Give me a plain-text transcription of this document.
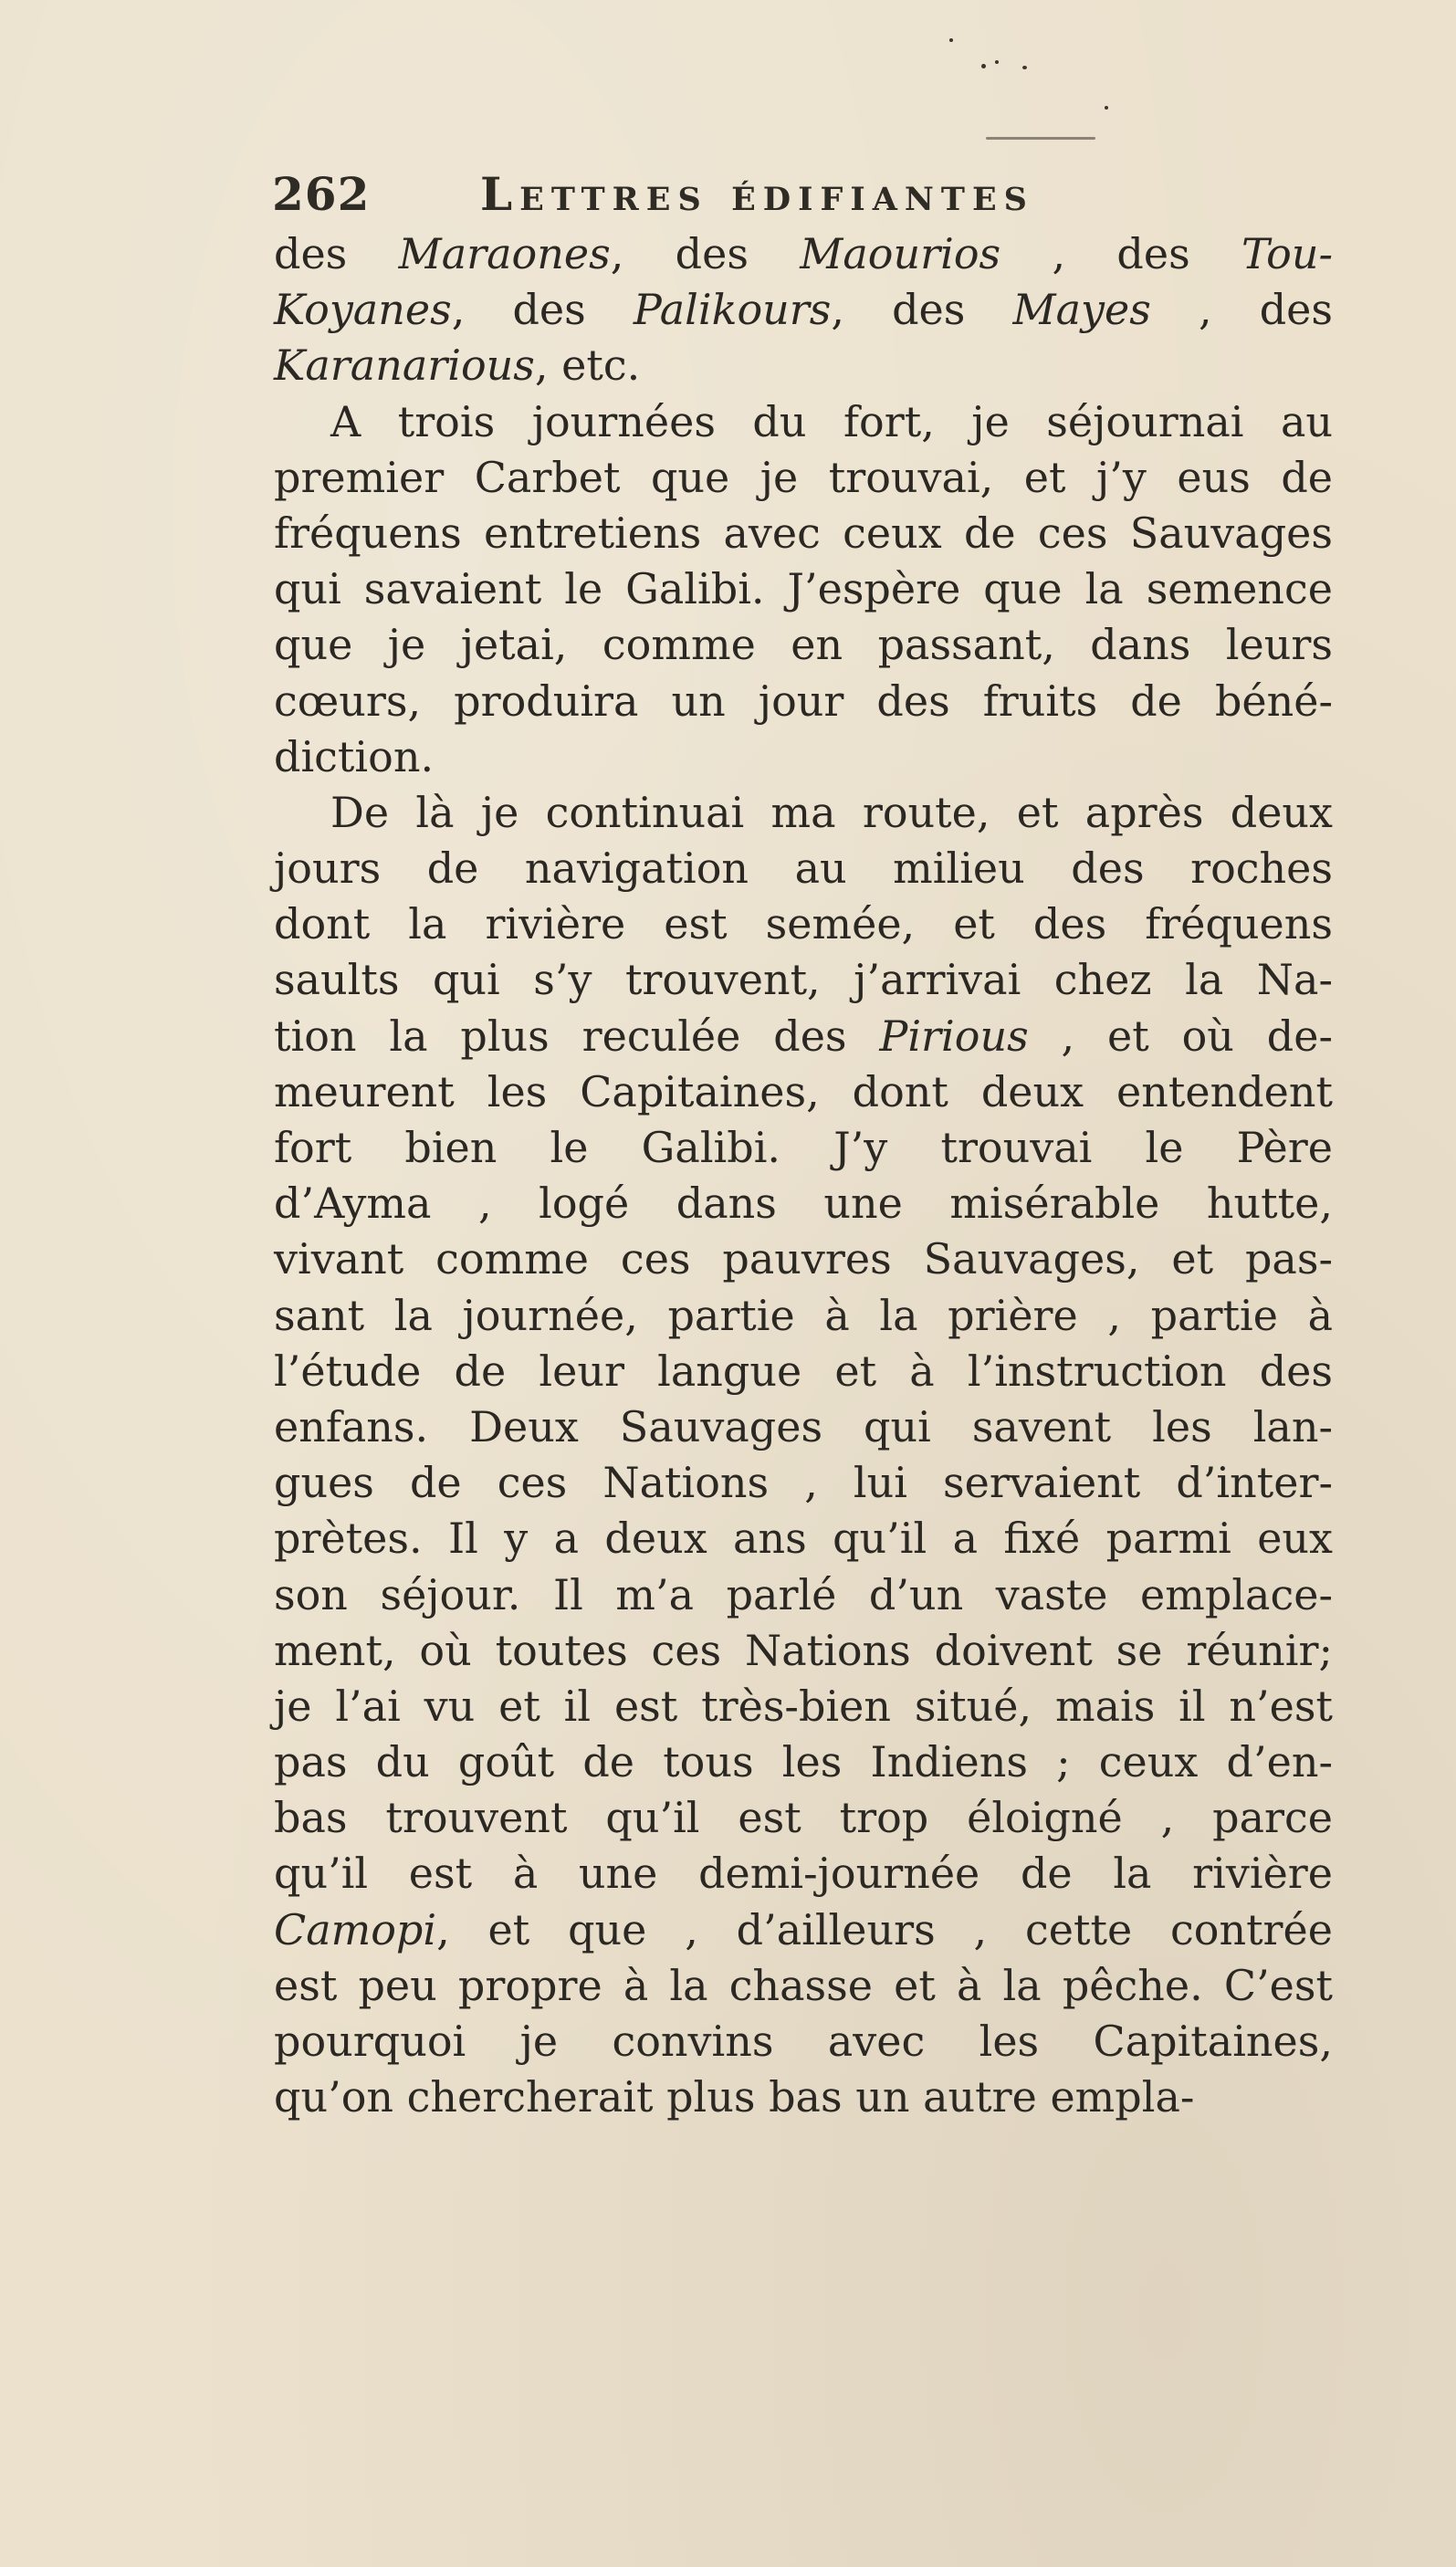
262 Lettres édifiantes
des Maraones, des Maourios , des Tou-
Koyanes, des Palikours, des Mayes , des
Karanarious, etc.
A trois journées du fort, je séjournai au
premier Carbet que je trouvai, et j’y eus de
fréquens entretiens avec ceux de ces Sauvages
qui savaient le Galibi. J’espère que la semence
que je jetai, comme en passant, dans leurs
cœurs, produira un jour des fruits de béné-
diction.
De là je continuai ma route, et après deux
jours de navigation au milieu des roches
dont la rivière est semée, et des fréquens
saults qui s’y trouvent, j’arrivai chez la Na-
tion la plus reculée des Pirious , et où de-
meurent les Capitaines, dont deux entendent
fort bien le Galibi. J’y trouvai le Père
d’Ayma , logé dans une misérable hutte,
vivant comme ces pauvres Sauvages, et pas-
sant la journée, partie à la prière , partie à
l’étude de leur langue et à l’instruction des
enfans. Deux Sauvages qui savent les lan-
gues de ces Nations , lui servaient d’inter-
prètes. Il y a deux ans qu’il a fixé parmi eux
son séjour. Il m’a parlé d’un vaste emplace-
ment, où toutes ces Nations doivent se réunir;
je l’ai vu et il est très-bien situé, mais il n’est
pas du goût de tous les Indiens ; ceux d’en-
bas trouvent qu’il est trop éloigné , parce
qu’il est à une demi-journée de la rivière
Camopi, et que , d’ailleurs , cette contrée
est peu propre à la chasse et à la pêche. C’est
pourquoi je convins avec les Capitaines,
qu’on chercherait plus bas un autre empla-
